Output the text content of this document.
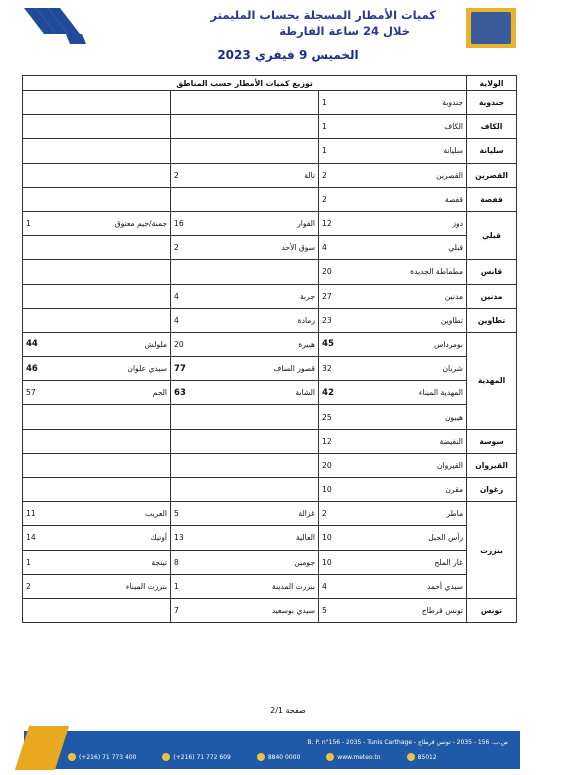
كميات الأمطار المسجلة بحساب المليمتر
خلال 24 ساعة الفارطة
الخميس 9 فيفري 2023
الولاية	توزيع كميات الأمطار حسب المناطق					
جندوبة	جندوبة	1				
الكاف	الكاف	1				
سليانة	سليانة	1				
القصرين	القصرين	2	تالة	2		
قفصة	قفصة	2				
قبلي	دوز	12	الفوار	16	جمنة/جيم معتوق	1
	قبلي	4	سوق الأحد	2		
قابس	مطماطة الجديدة	20				
مدنين	مدنين	27	جربة	4		
تطاوين	تطاوين	23	رمادة	4		
المهدية	بومرداس	45	هبيرة	20	ملولش	44
	شربان	32	قصور الساف	77	سيدي علوان	46
	المهدية الميناء	42	الشابة	63	الجم	57
	هيبون	25				
سوسة	النفيضة	12				
القيروان	القيروان	20				
زغوان	مقرن	10				
بنزرت	ماطر	2	غزالة	5	العريب	11
	رأس الجبل	10	العالية	13	أوتيك	14
	غار الملح	10	جومين	8	تينجة	1
	سيدي أحمد	4	بنزرت المدينة	1	بنزرت الميناء	2
تونس	تونس قرطاج	5	سيدي بوسعيد	7		
صفحة 2/1
B. P. n°156 - 2035 - Tunis Carthage - ص.ب. 156 - 2035 - تونس قرطاج
(+216) 71 773 400	(+216) 71 772 609	8840 0000	www.meteo.tn	85012
